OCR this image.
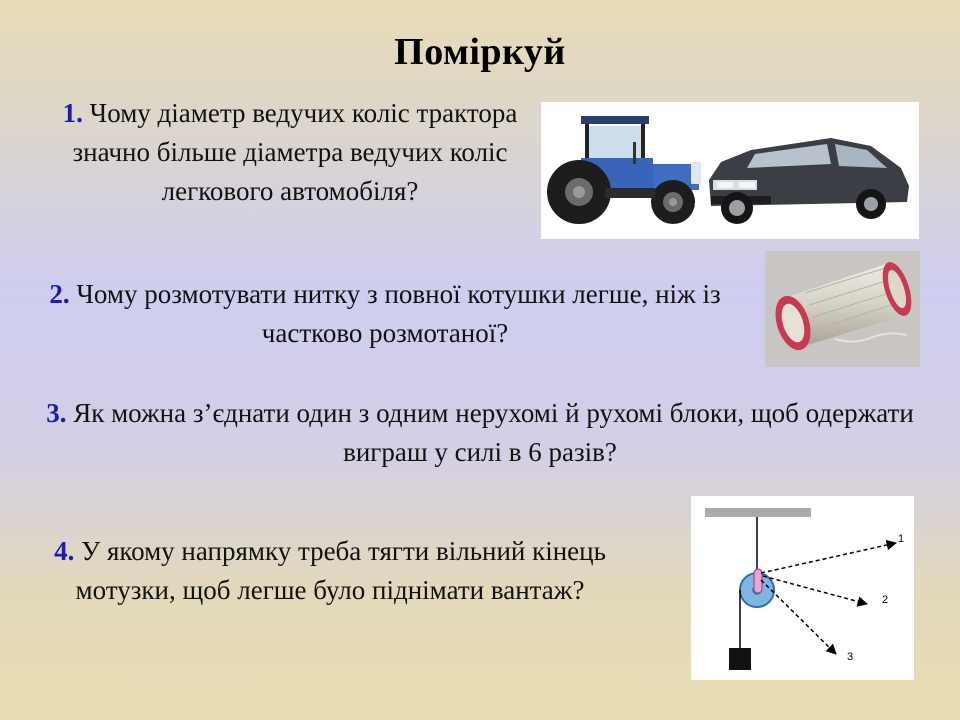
Поміркуй
1. Чому діаметр ведучих коліс трактора значно більше діаметра ведучих коліс легкового автомобіля?
2. Чому розмотувати нитку з повної котушки легше, ніж із частково розмотаної?
3. Як можна з’єднати один з одним нерухомі й рухомі блоки, щоб одержати виграш у силі в 6 разів?
4. У якому напрямку треба тягти вільний кінець мотузки, щоб легше було піднімати вантаж?
1
2
3
